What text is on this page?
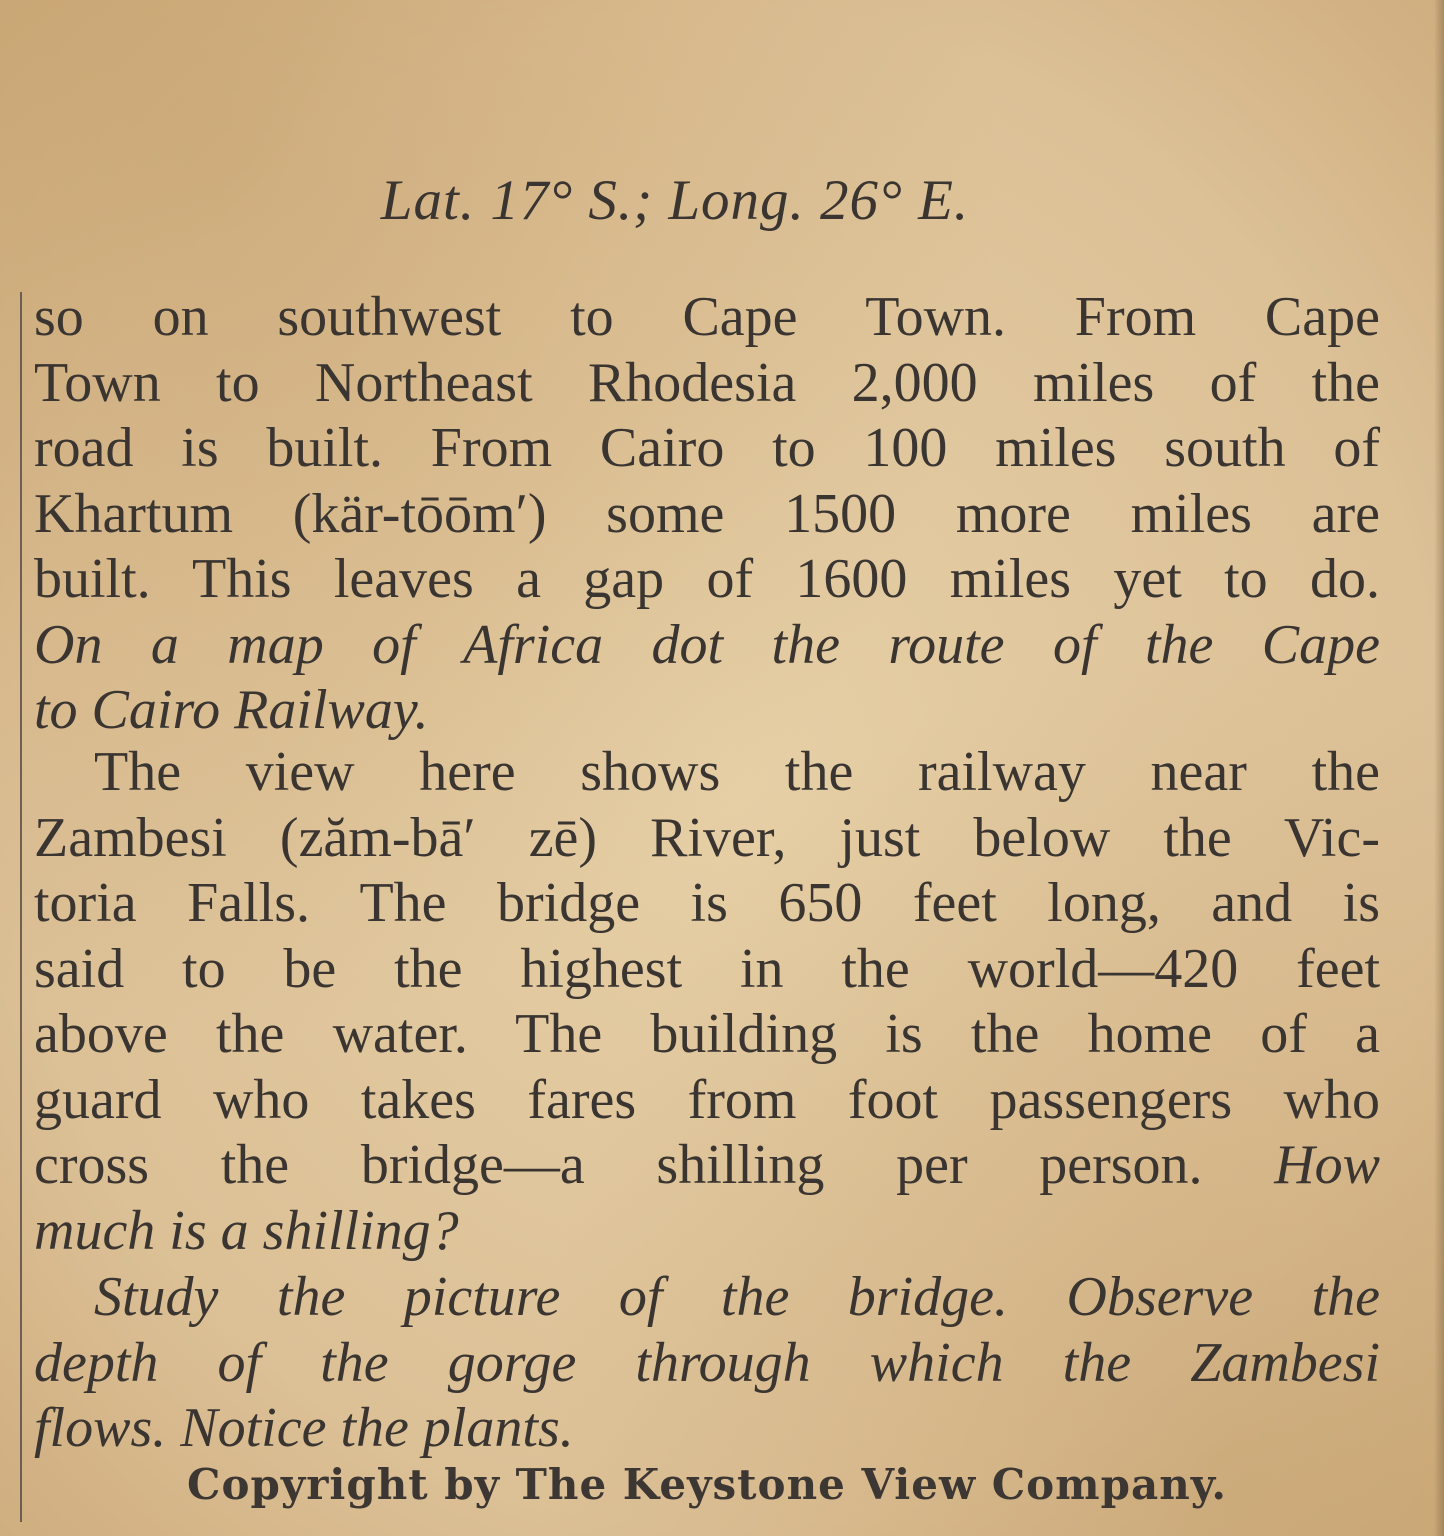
Lat. 17° S.; Long. 26° E.
so on southwest to Cape Town. From Cape
Town to Northeast Rhodesia 2,000 miles of the
road is built. From Cairo to 100 miles south of
Khartum (kär-tōōm′) some 1500 more miles are
built. This leaves a gap of 1600 miles yet to do.
On a map of Africa dot the route of the Cape
to Cairo Railway.
The view here shows the railway near the
Zambesi (zăm-bā′ zē) River, just below the Vic-
toria Falls. The bridge is 650 feet long, and is
said to be the highest in the world—420 feet
above the water. The building is the home of a
guard who takes fares from foot passengers who
cross the bridge—a shilling per person. How
much is a shilling?
Study the picture of the bridge. Observe the
depth of the gorge through which the Zambesi
flows. Notice the plants.
Copyright by The Keystone View Company.
